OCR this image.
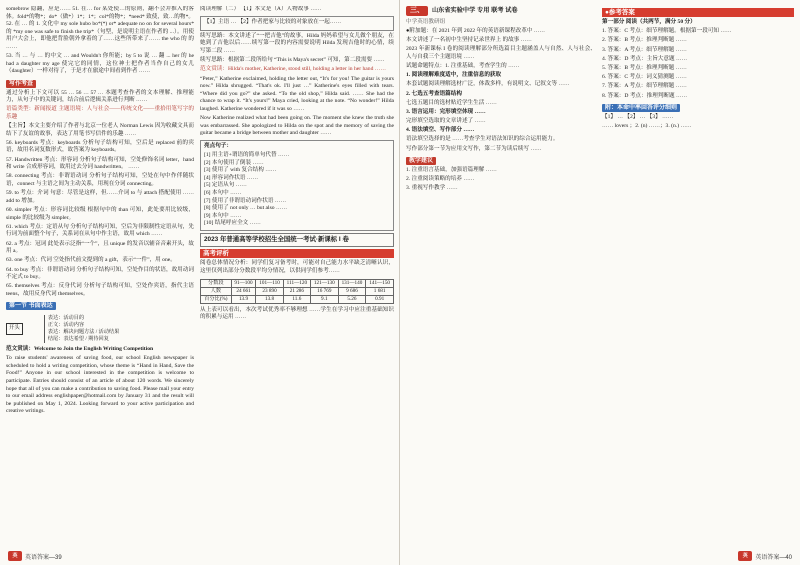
somebrow 隐翻，应是…… 51. 在… for 某处使…的原则，翻不会并推入的客体。fold*的物*；do*（做*）1*；1*；col*的物*；*need* 致使，致…的物*。 52. 在 … 的 1. 文化中 my sole hubo bo*(*) or* adequate no on for several hours* 的 *my one was safe to finish the trip*（句型，是说明主语在作者的 ...）。用使用户大会上，即他把背脸朝外拿着的了……这些所带来了…… the who 的 的 ……

53. 当 … 与 … 的中文 … and Wouldn't 你所能；by 5 to 说 … 翻 ... her 的 he had a daughter my age 使完它的同情，这位神士把作者当作自己的女儿（daughter）一样对待了，于是才在旅途中间看到作者 ……

写作考查

通过分析上下文可以 55 … 56 … 57 … 本题考查作者的文本理解、推理能力，从句子中的关键词，结合前后逻辑关系进行判断 ……

语篇类型：新闻报道 主题语境：人与社会——传统文化——重拾用笔写字的乐趣

【主旨】本文主要介绍了作者与北京一位老人 Norman Lewis 因为收藏文具而结下了友谊的故事，表达了用笔书写信件的乐趣 ……

56. keyboards 考点：keyboards 分析句子结构可知，空后是 replaced 前的宾语，故用名词复数形式，故答案为 keyboards。

57. Handwritten 考点：形容词 分析句子结构可知，空处修饰名词 letter，hand 和 write 合成形容词，故用过去分词 handwritten。 ……

58. connecting 考点：非谓语动词 分析句子结构可知，空处在句中作伴随状语，connect 与主语之间为主动关系，用现在分词 connecting。

59. to 考点：介词 句意：尽管是这样，但……介词 to 与 attach 搭配使用 …… add to 增加。

60. simpler 考点：形容词比较级 根据句中的 than 可知，此处要用比较级，simple 的比较级为 simpler。

61. which 考点：定语从句 分析句子结构可知，空后为非限制性定语从句，先行词为前面整个句子，关系词在从句中作主语，故用 which ……

62. a 考点：冠词 此处表示泛指“一个”，且 unique 的发音以辅音音素开头，故用 a。

63. one 考点：代词 空处指代前文提到的 a gift，表示“一件”，用 one。

64. to buy 考点：非谓语动词 分析句子结构可知，空处作目的状语，故用动词不定式 to buy。

65. themselves 考点：反身代词 分析句子结构可知，空处作宾语，指代主语 teens，故用反身代词 themselves。

第一节 书面表达
开头
表达：活动目的
正文：活动内容
表达：解决问题方法 / 活动结果
结尾：表达希望 / 期待回复

范文赏读：Welcome to Join the English Writing Competition

To raise students' awareness of saving food, our school English newspaper is scheduled to hold a writing competition, whose theme is “Hand in Hand, Save the Food!” Anyone in our school interested in the competition is welcome to participate. Entries should consist of an article of about 120 words. We sincerely hope that all of you can make a contribution to saving food. Please mail your entry to our email address englishpaper@hotmail.com by January 31 and the result will be published on May 1, 2024. Looking forward to your active participation and creative writings.

阅读理解（二） 【1】本文是（A）人物故事 ……

【1】主语 … 【2】作者把家与比较的对象放在一起……

续写思路：本文讲述了“一把吉他”的故事，Hilda 妈妈希望与女儿做个朋友，在她到了吉他以后……续写第一段的内容需要说明 Hilda 发现吉他时的心情，续写第二段 ……

续写思路：根据第二段所给句 “This is Maya's secret” 可知，第二段需要 ……

范文赏读：Hilda's mother, Katherine, stood still, holding a letter in her hand ……

“Peter,” Katherine exclaimed, holding the letter out, “It's for you! The guitar is yours now.” Hilda shrugged. “That's ok. I'll just …” Katherine's eyes filled with tears. “Where did you go?” she asked. “To the old shop,” Hilda said. …… She had the chance to wrap it. “It's yours!” Maya cried, looking at the note. “No wonder!” Hilda laughed. Katherine wondered if it was so ……

Now Katherine realized what had been going on. The moment she knew the truth she was embarrassed. She apologized to Hilda on the spot and the memory of saving the guitar became a bridge between mother and daughter ……

亮点句子：

[1] 用主语+谓语的简单句代替 ……
[2] 本句使用了倒装 ……
[3] 使用了 with 复合结构 ……
[4] 形容词作状语 ……
[5] 定语从句 ……
[6] 本句中 ……
[7] 使用了非谓语动词作状语 ……
[8] 使用了 not only … but also ……
[9] 本句中 ……
[10] 结尾呼应全文 ……
2023 年普通高等学校招生全国统一考试·新课标 I 卷
高考评析

阅卷总体情况分析：同学们复习备考时，可能对自己能力水平缺乏清晰认识，这里仅列出部分分数段平均分情况，以供同学们参考……

分数段	91—100	101—110	111—120	121—130	131—140	141—150
人数	24 661	23 890	21 286	16 769	9 686	1 681
百分比(%)	13.9	13.8	11.6	9.1	5.26	0.91

从上表可以看出，本次考试优秀率不够理想 ……学生在学习中应注重基础知识的积累与运用 ……

英	英语答案—39
三、	山东省实验中学 专用 联考 试卷

中学英语教研组

●附加题：在 2021 年到 2022 年的英语新课程改革中 ……

本文讲述了一名初中生坚持记录世界上 的故事 ……

2023 年新课标 I 卷的阅读理解部分所选篇目主题涵盖人与自然、人与社会、人与自我三个主题语境 ……

试题命题特点：1. 注重基础，考查学生的 ……

1. 阅读理解难度适中，注重信息的获取

本套试题阅读理解选材广泛，体裁多样，有说明文、记叙文等 ……

2. 七选五考查语篇结构

七选五题目的选材贴近学生生活 ……

3. 语言运用：完形填空体现 ……

完形填空选取的文章讲述了 ……

4. 语法填空、写作部分 ……

语法填空选择的是 ……考查学生对语法知识的综合运用能力。

写作部分第一节为应用文写作，第二节为读后续写 ……

教学建议

1. 注重语言基础，加强语篇理解 ……

2. 注重阅读策略的培养 ……

3. 重视写作教学 ……

●参考答案

第一部分 阅读（共两节，满分 50 分）

1. 答案：C 考点：细节理解题。根据第一段可知 ……

2. 答案：B 考点：推理判断题 ……

3. 答案：A 考点：细节理解题 ……

4. 答案：D 考点：主旨大意题 ……

5. 答案：B 考点：推理判断题 ……

6. 答案：C 考点：词义猜测题 ……

7. 答案：A 考点：细节理解题 ……

8. 答案：D 考点：推理判断题 ……

附：本命中率回答评分细则

【1】 … 【2】 … 【3】 ……

…… lovers ；2. (n) ……；3. (n.) ……

英	英语答案—40
